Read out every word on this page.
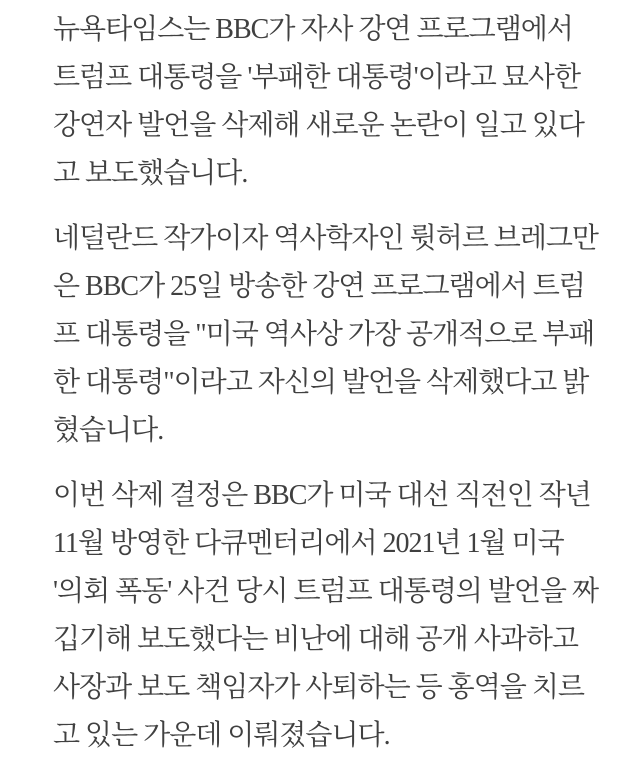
뉴욕타임스는 BBC가 자사 강연 프로그램에서 트럼프 대통령을 '부패한 대통령'이라고 묘사한 강연자 발언을 삭제해 새로운 논란이 일고 있다고 보도했습니다.

네덜란드 작가이자 역사학자인 륏허르 브레그만은 BBC가 25일 방송한 강연 프로그램에서 트럼프 대통령을 "미국 역사상 가장 공개적으로 부패한 대통령"이라고 자신의 발언을 삭제했다고 밝혔습니다.

이번 삭제 결정은 BBC가 미국 대선 직전인 작년 11월 방영한 다큐멘터리에서 2021년 1월 미국 '의회 폭동' 사건 당시 트럼프 대통령의 발언을 짜깁기해 보도했다는 비난에 대해 공개 사과하고 사장과 보도 책임자가 사퇴하는 등 홍역을 치르고 있는 가운데 이뤄졌습니다.
